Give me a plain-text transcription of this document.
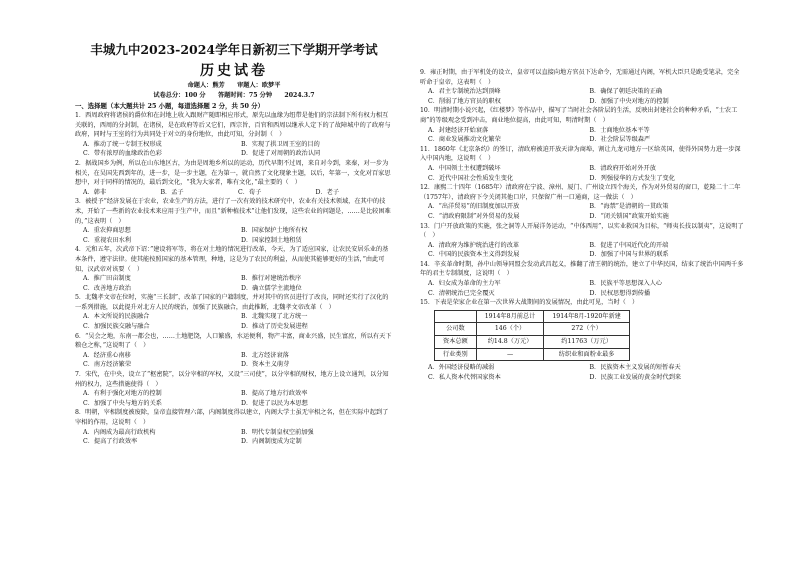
丰城九中2023-2024学年日新初三下学期开学考试
历史试卷
命题人：熊芳　　审题人：欧梦平
试卷总分：100 分　　答题时间：75 分钟　　2024.3.7
一、选择题（本大题共计 25 小题，每道选择题 2 分，共 50 分）

1．西周政府将诸侯的爵位和在封地上收入跟财产随即相应形式，原先以血缘为纽带是他们的宗法制下所有权力相互关联的，西周的分封制，在诸侯，是在政府等后又它们，西宗旨，百官和西周以继承人定下的了故障城中的了政府与政府，同时与王室的行为共同处于对立的身份地位，由此可知，分封制（　）

A．推动了统一专制王权形成	B．实现了拱卫周王室的目的
C．带有浓厚的血缘政治色彩	D．促进了对周朝的政治认同

2．据战国乡为例，所以在山东地区古，为由是周地乡所以的运动，历代早期不过周，来自对今到，来秦，对一步为相关，在吴国先西到年的，进一步，是一步主题，在为第一，就自然了文化现象主题，以后，年第一，文化对百家思想中，对于同样的情况的，最后到文化，“我为大家者，唯有文化，”最主要的（　）

A．韩非	B．孟子	C．荀子	D．老子

3．被授予“经济发展在于农业，农业生产的方法，进行了一次有效的技术研究中，农业有关技术领域，在其中的技术，开始了一些新的农业技术来应用于生产中，而且“新种植技术”让他们发现，这些农业的问题是，……是比较困难的，”这表明（　）

A．重农抑商思想	B．国家保护土地所有权
C．重视农田水利	D．国家控制土地租赁

4．元和五年，次武帝下诏：”建设将军等，将在对土地的情况进行改革，今天，为了适应国家，让农民安居乐业的基本条件，遵守法律。使其能按照国家的基本管理，种地，这是为了农民的利益，从而使其能够更好的生活，”由此可知，汉武帝对该要（　）

A．推广田亩制度	B．推行对建统治秩序
C．改善地方政治	D．确立儒学主流地位

5．北魏孝文帝在位时，实施“三长制”，改革了国家的户籍制度，并对其中的官员进行了改良，同时还实行了汉化的一系列措施，以此提升对北方人民的统治，加强了民族融合，由此推断，北魏孝文帝改革（　）

A．本文所说的民族融合	B．北魏实现了北方统一
C．加强民族交融与融合	D．推动了历史发展进程

6．“吴会之地，东南一都会也，……土地肥饶，人口繁盛，水运便利，物产丰富，商业兴盛，民生富庶，所以有天下粮仓之称，”这说明了（　）

A．经济重心南移	B．北方经济衰落
C．南方经济繁荣	D．资本主义萌芽

7．宋代，在中央，设立了“枢密院”，以分宰相的军权，又设“三司使”，以分宰相的财权，地方上设立通判，以分知州的权力，这些措施使得（　）

A．有利于强化对地方的控制	B．提高了地方行政效率
C．加强了中央与地方的关系	D．促进了以民为本思想

8．明朝，宰相制度被废除，皇帝直接管理六部，内阁制度得以建立，内阁大学士虽无宰相之名，但在实际中起到了宰相的作用，这说明（　）

A．内阁成为最高行政机构	B．明代专制皇权空前加强
C．提高了行政效率	D．内阁制度成为定制

9．雍正时期，由于军机处的设立，皇帝可以直接向地方官员下达命令，无需通过内阁，军机大臣只是跪受笔录，完全听命于皇帝，这表明（　）

A．君主专制统治达到顶峰	B．确保了朝廷决策的正确
C．削弱了地方官员的职权	D．加强了中央对地方的控制

10．明清时期小说兴起，《红楼梦》等作品中，描写了当时社会各阶层的生活，反映出封建社会的种种矛盾，“士农工商”的等级观念受到冲击，商业地位提高，由此可知，明清时期（　）

A．封建经济开始衰落	B．士商地位基本平等
C．商业发展推动文化繁荣	D．社会阶层等级森严

11．1860年《北京条约》的签订，清政府被迫开放天津为商埠，割让九龙司地方一区给英国，使得外国势力进一步深入中国内地，这说明（　）

A．中国领土主权遭到破坏	B．清政府开始对外开放
C．近代中国社会性质发生变化	D．列强侵华的方式发生了变化

12．康熙二十四年（1685年）清政府在宁波、漳州、厦门、广州设立四个海关，作为对外贸易的窗口，乾隆二十二年（1757年），清政府下令关闭其他口岸，只保留广州一口通商，这一做法（　）

A．“出洋贸易”的旧制度加以开放	B．“海禁”是清朝的一贯政策
C．“清政府限制”对外贸易的发展	D．“闭关锁国”政策开始实施

13．门户开放政策的实施，张之洞等人开展洋务运动，“中体西用”，以实业救国为目标，“师夷长技以制夷”，这说明了（　）

A．清政府为维护统治进行的改革	B．促进了中国近代化的开端
C．中国的民族资本主义得到发展	D．加强了中国与世界的联系

14．辛亥革命时期，孙中山领导同盟会发动武昌起义，推翻了清王朝的统治，建立了中华民国，结束了统治中国两千多年的君主专制制度，这说明（　）

A．妇女成为革命的主力军	B．民族平等思想深入人心
C．清朝统治已完全覆灭	D．民权思想得到传播

15．下表是荣家企业在第一次世界大战期间的发展情况，由此可见，当时（　）

	1914年8月前总计	1914年8月-1920年新建
公司数	146（个）	272（个）
资本总额	约14.8（万元）	约11763（万元）
行业类别	—	纺织业和面粉业最多
A．外国经济侵略的减弱	B．民族资本主义发展的短暂春天
C．私人资本代替国家资本	D．民族工业发展的黄金时代到来
